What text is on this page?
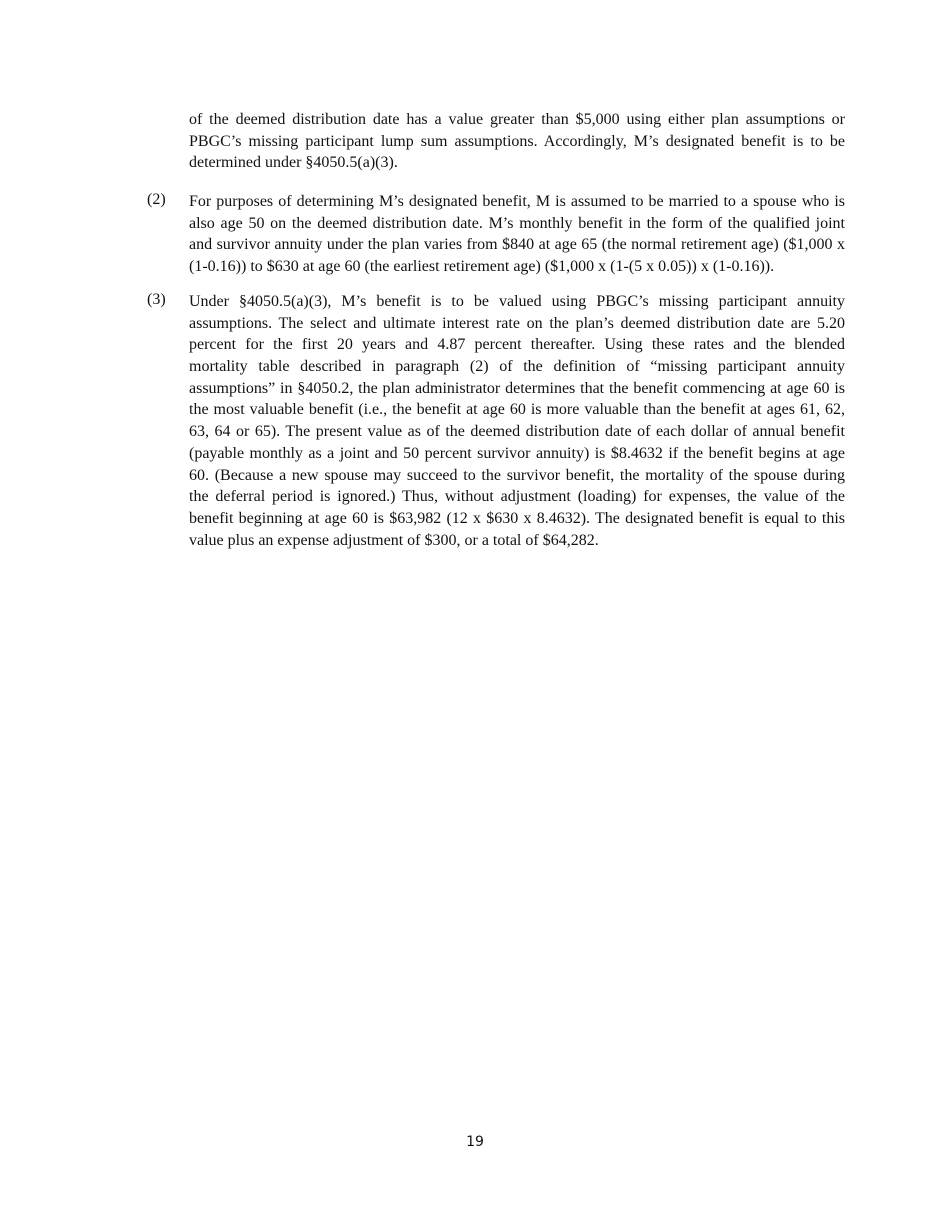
of the deemed distribution date has a value greater than $5,000 using either plan assumptions or
PBGC’s missing participant lump sum assumptions. Accordingly, M’s designated benefit is to be
determined under §4050.5(a)(3).
(2) For purposes of determining M’s designated benefit, M is assumed to be married to a spouse who is
also age 50 on the deemed distribution date. M’s monthly benefit in the form of the qualified joint
and survivor annuity under the plan varies from $840 at age 65 (the normal retirement age) ($1,000 x
(1-0.16)) to $630 at age 60 (the earliest retirement age) ($1,000 x (1-(5 x 0.05)) x (1-0.16)).
(3) Under §4050.5(a)(3), M’s benefit is to be valued using PBGC’s missing participant annuity
assumptions. The select and ultimate interest rate on the plan’s deemed distribution date are 5.20
percent for the first 20 years and 4.87 percent thereafter. Using these rates and the blended
mortality table described in paragraph (2) of the definition of “missing participant annuity
assumptions” in §4050.2, the plan administrator determines that the benefit commencing at age 60 is
the most valuable benefit (i.e., the benefit at age 60 is more valuable than the benefit at ages 61, 62,
63, 64 or 65). The present value as of the deemed distribution date of each dollar of annual benefit
(payable monthly as a joint and 50 percent survivor annuity) is $8.4632 if the benefit begins at age
60. (Because a new spouse may succeed to the survivor benefit, the mortality of the spouse during
the deferral period is ignored.) Thus, without adjustment (loading) for expenses, the value of the
benefit beginning at age 60 is $63,982 (12 x $630 x 8.4632). The designated benefit is equal to this
value plus an expense adjustment of $300, or a total of $64,282.
19
